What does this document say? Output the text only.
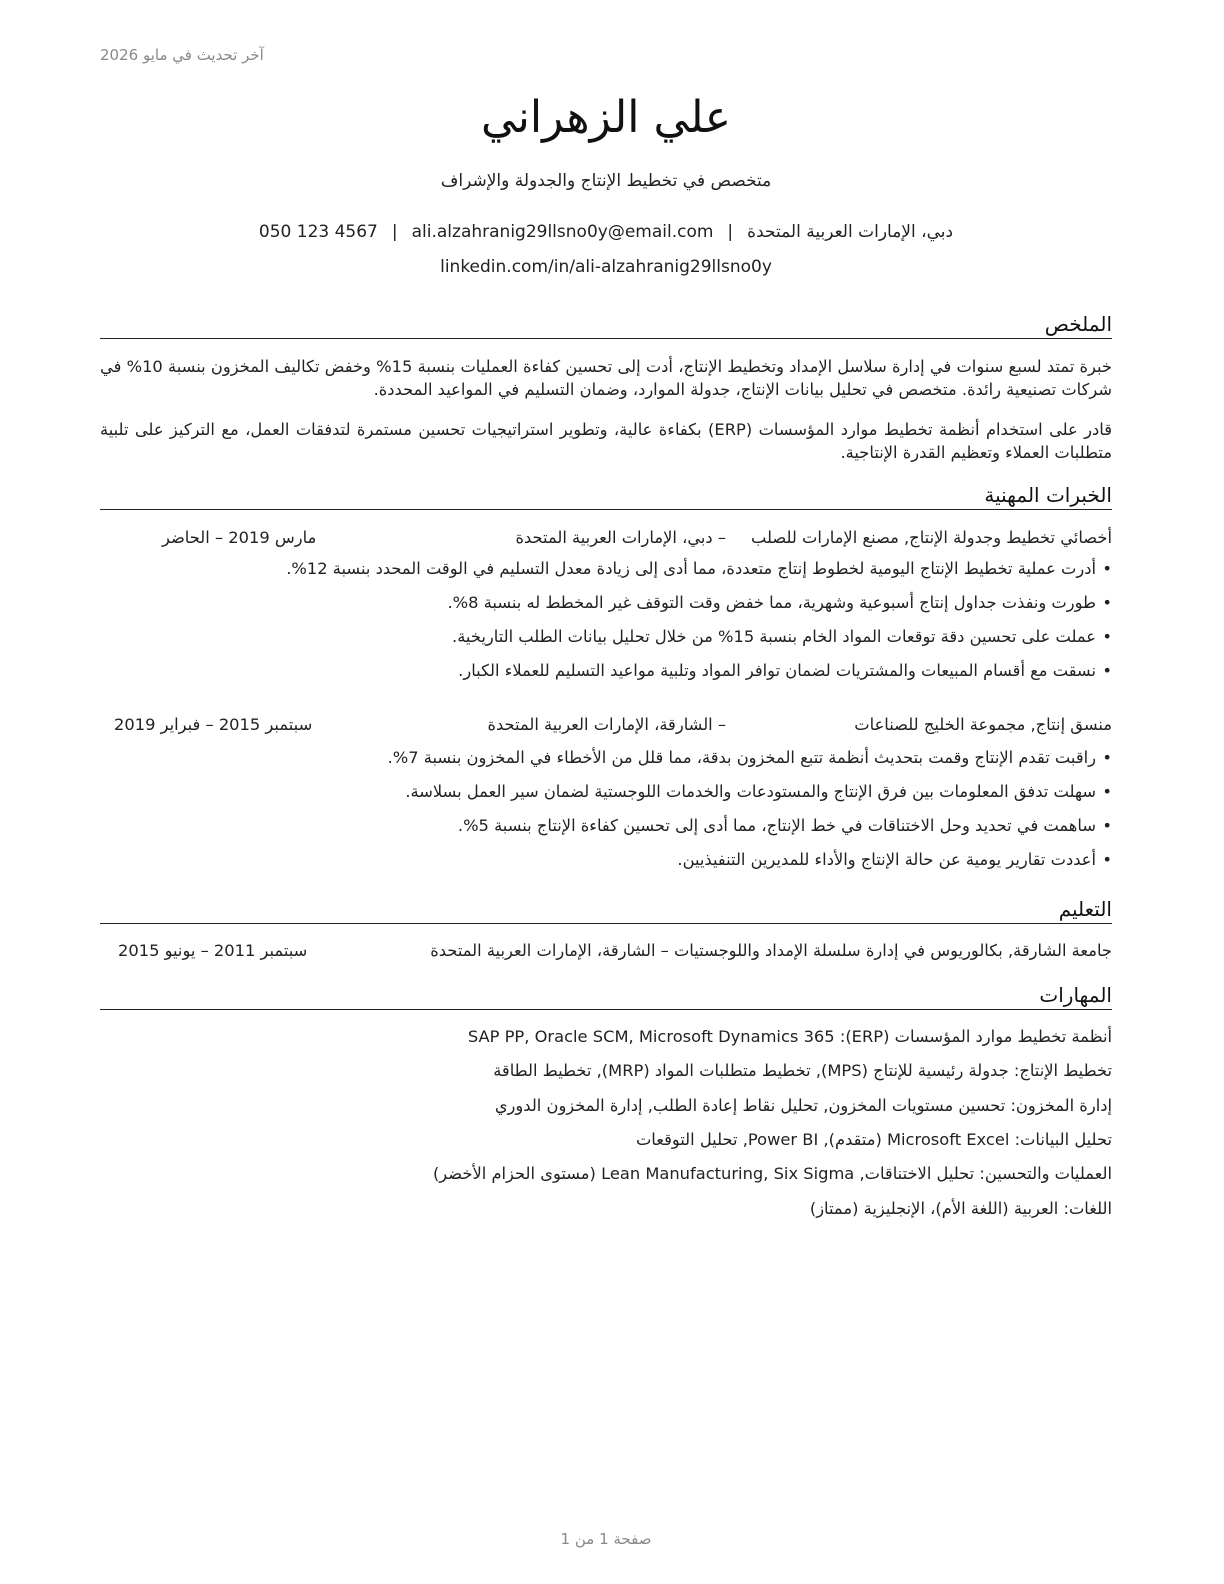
آخر تحديث في مايو 2026
علي الزهراني
متخصص في تخطيط الإنتاج والجدولة والإشراف
دبي، الإمارات العربية المتحدة|ali.alzahranig29llsno0y@email.com|050 123 4567
linkedin.com/in/ali-alzahranig29llsno0y
الملخص

خبرة تمتد لسبع سنوات في إدارة سلاسل الإمداد وتخطيط الإنتاج، أدت إلى تحسين كفاءة العمليات بنسبة 15% وخفض تكاليف المخزون بنسبة 10% في شركات تصنيعية رائدة. متخصص في تحليل بيانات الإنتاج، جدولة الموارد، وضمان التسليم في المواعيد المحددة.

قادر على استخدام أنظمة تخطيط موارد المؤسسات (ERP) بكفاءة عالية، وتطوير استراتيجيات تحسين مستمرة لتدفقات العمل، مع التركيز على تلبية متطلبات العملاء وتعظيم القدرة الإنتاجية.

الخبرات المهنية
أخصائي تخطيط وجدولة الإنتاج, مصنع الإمارات للصلب
– دبي، الإمارات العربية المتحدة
مارس 2019 – الحاضر
• أدرت عملية تخطيط الإنتاج اليومية لخطوط إنتاج متعددة، مما أدى إلى زيادة معدل التسليم في الوقت المحدد بنسبة 12%.
• طورت ونفذت جداول إنتاج أسبوعية وشهرية، مما خفض وقت التوقف غير المخطط له بنسبة 8%.
• عملت على تحسين دقة توقعات المواد الخام بنسبة 15% من خلال تحليل بيانات الطلب التاريخية.
• نسقت مع أقسام المبيعات والمشتريات لضمان توافر المواد وتلبية مواعيد التسليم للعملاء الكبار.
منسق إنتاج, مجموعة الخليج للصناعات
– الشارقة، الإمارات العربية المتحدة
سبتمبر 2015 – فبراير 2019
• راقبت تقدم الإنتاج وقمت بتحديث أنظمة تتبع المخزون بدقة، مما قلل من الأخطاء في المخزون بنسبة 7%.
• سهلت تدفق المعلومات بين فرق الإنتاج والمستودعات والخدمات اللوجستية لضمان سير العمل بسلاسة.
• ساهمت في تحديد وحل الاختناقات في خط الإنتاج، مما أدى إلى تحسين كفاءة الإنتاج بنسبة 5%.
• أعددت تقارير يومية عن حالة الإنتاج والأداء للمديرين التنفيذيين.
التعليم
جامعة الشارقة, بكالوريوس في إدارة سلسلة الإمداد واللوجستيات – الشارقة، الإمارات العربية المتحدة
سبتمبر 2011 – يونيو 2015
المهارات
أنظمة تخطيط موارد المؤسسات (ERP): SAP PP, Oracle SCM, Microsoft Dynamics 365
تخطيط الإنتاج: جدولة رئيسية للإنتاج (MPS), تخطيط متطلبات المواد (MRP), تخطيط الطاقة
إدارة المخزون: تحسين مستويات المخزون, تحليل نقاط إعادة الطلب, إدارة المخزون الدوري
تحليل البيانات: Microsoft Excel (متقدم), Power BI, تحليل التوقعات
العمليات والتحسين: تحليل الاختناقات, Lean Manufacturing, Six Sigma (مستوى الحزام الأخضر)
اللغات: العربية (اللغة الأم)، الإنجليزية (ممتاز)
صفحة 1 من 1
